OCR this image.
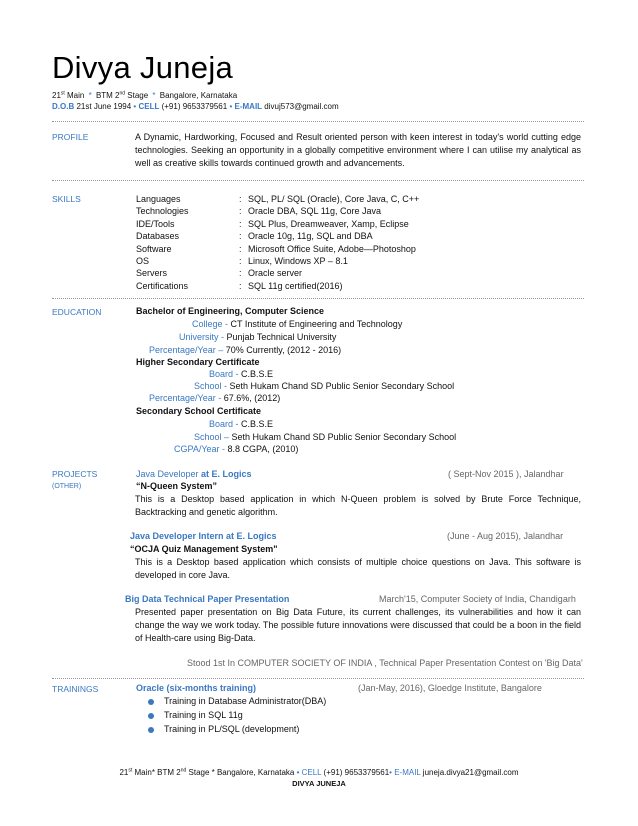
Divya Juneja
21st Main * BTM 2nd Stage * Bangalore, Karnataka
D.O.B 21st June 1994 • CELL (+91) 9653379561 • E-MAIL divuj573@gmail.com
PROFILE	A Dynamic, Hardworking, Focused and Result oriented person with keen interest in today's world cutting edge technologies. Seeking an opportunity in a globally competitive environment where I can utilise my analytical as well as creative skills towards continued growth and advancements.
SKILLS	Languages	: SQL, PL/ SQL (Oracle), Core Java, C, C++
Technologies	: Oracle DBA, SQL 11g, Core Java
IDE/Tools	: SQL Plus, Dreamweaver, Xamp, Eclipse
Databases	: Oracle 10g, 11g, SQL and DBA
Software	: Microsoft Office Suite, Adobe—Photoshop
OS	: Linux, Windows XP – 8.1
Servers	: Oracle server
Certifications	: SQL 11g certified(2016)
EDUCATION	Bachelor of Engineering, Computer Science
College - CT Institute of Engineering and Technology
University - Punjab Technical University
Percentage/Year – 70% Currently, (2012 - 2016)
Higher Secondary Certificate
Board - C.B.S.E
School - Seth Hukam Chand SD Public Senior Secondary School
Percentage/Year - 67.6%, (2012)
Secondary School Certificate
Board - C.B.S.E
School – Seth Hukam Chand SD Public Senior Secondary School
CGPA/Year - 8.8 CGPA, (2010)
PROJECTS
(OTHER)
Java Developer at E. Logics	( Sept-Nov 2015 ), Jalandhar
“N-Queen System”
This is a Desktop based application in which N-Queen problem is solved by Brute Force Technique, Backtracking and genetic algorithm.
Java Developer Intern at E. Logics	(June - Aug 2015), Jalandhar
“OCJA Quiz Management System"
This is a Desktop based application which consists of multiple choice questions on Java. This software is developed in core Java.
Big Data Technical Paper Presentation	March'15, Computer Society of India, Chandigarh
Presented paper presentation on Big Data Future, its current challenges, its vulnerabilities and how it can change the way we work today. The possible future innovations were discussed that could be a boon in the field of Health-care using Big-Data.
Stood 1st In COMPUTER SOCIETY OF INDIA , Technical Paper Presentation Contest on 'Big Data'
TRAININGS	Oracle (six-months training)	(Jan-May, 2016), Gloedge Institute, Bangalore
Training in Database Administrator(DBA)
Training in SQL 11g
Training in PL/SQL (development)
21st Main* BTM 2nd Stage * Bangalore, Karnataka • CELL (+91) 9653379561• E-MAIL juneja.divya21@gmail.com
DIVYA JUNEJA
